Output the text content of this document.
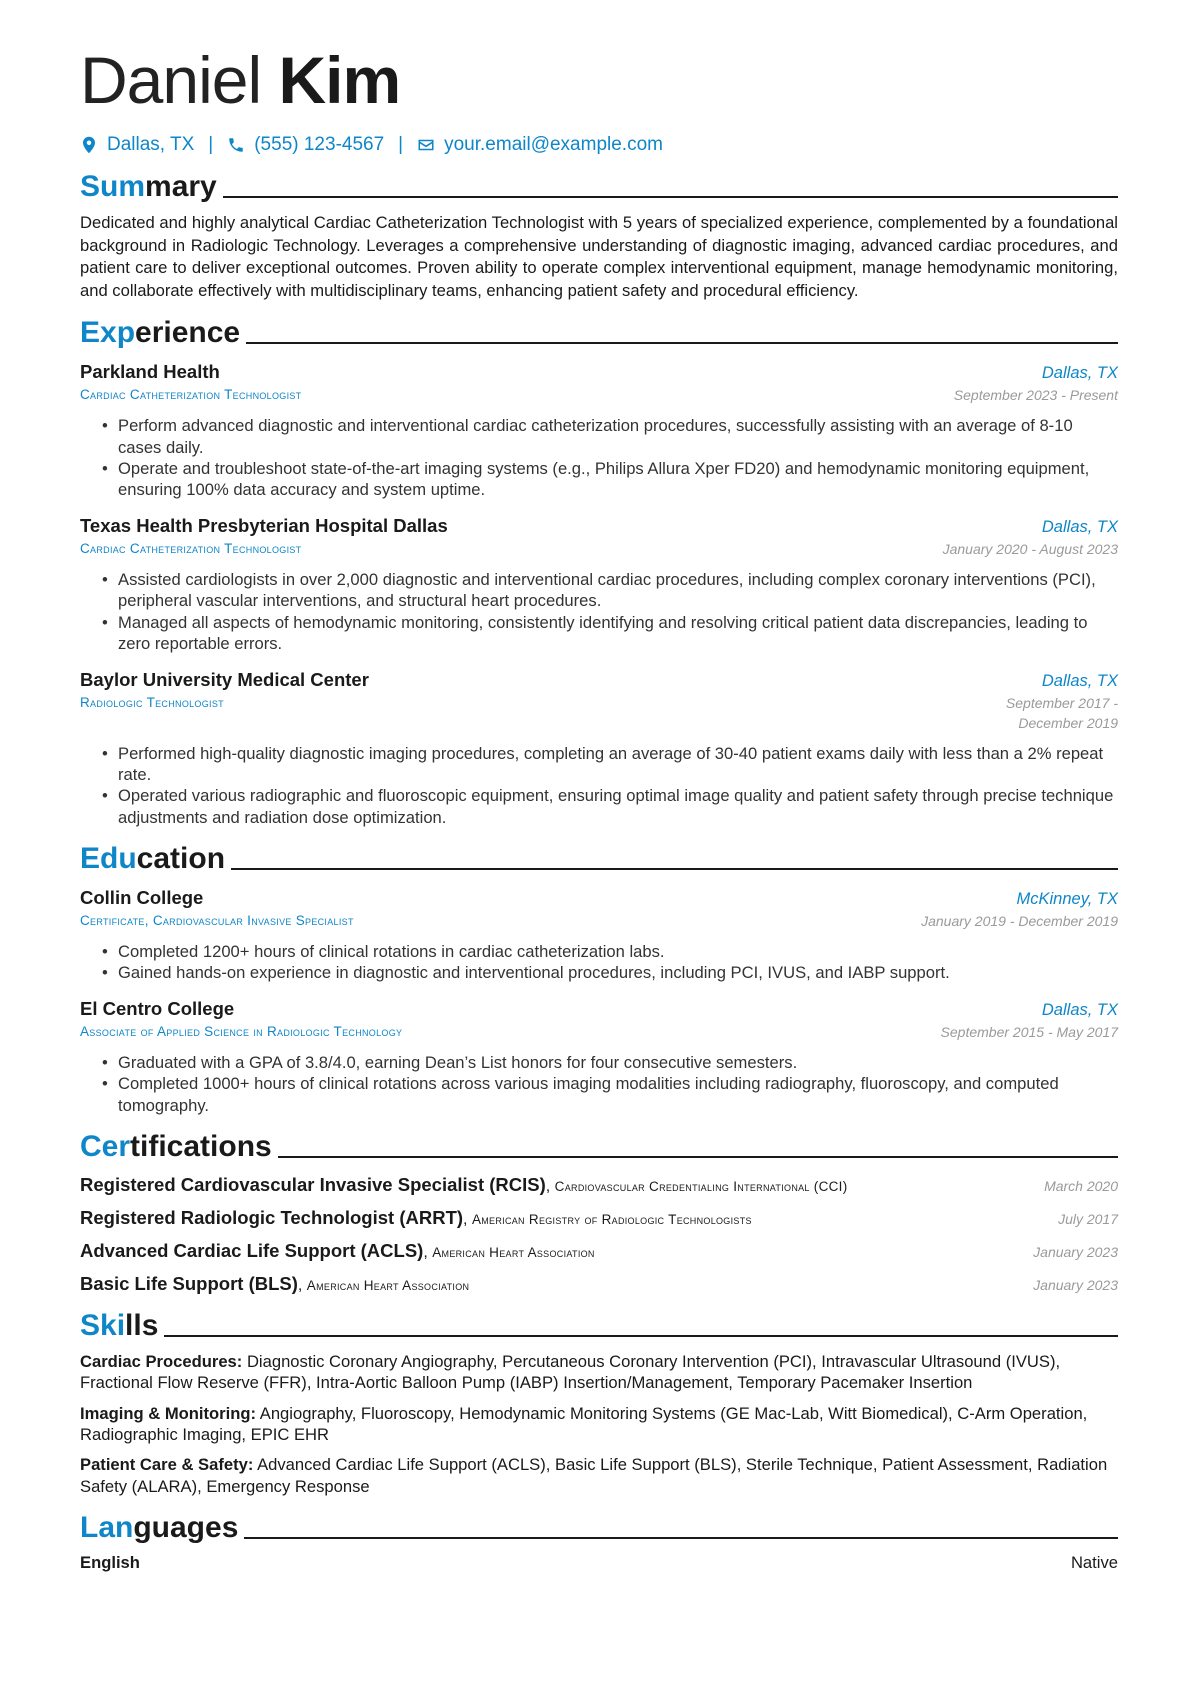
Daniel Kim
Dallas, TX | (555) 123-4567 | your.email@example.com
Summary

Dedicated and highly analytical Cardiac Catheterization Technologist with 5 years of specialized experience, complemented by a foundational background in Radiologic Technology. Leverages a comprehensive understanding of diagnostic imaging, advanced cardiac procedures, and patient care to deliver exceptional outcomes. Proven ability to operate complex interventional equipment, manage hemodynamic monitoring, and collaborate effectively with multidisciplinary teams, enhancing patient safety and procedural efficiency.

Experience
Parkland Health	Dallas, TX
Cardiac Catheterization Technologist	September 2023 - Present
• Perform advanced diagnostic and interventional cardiac catheterization procedures, successfully assisting with an average of 8-10 cases daily.
• Operate and troubleshoot state-of-the-art imaging systems (e.g., Philips Allura Xper FD20) and hemodynamic monitoring equipment, ensuring 100% data accuracy and system uptime.
Texas Health Presbyterian Hospital Dallas	Dallas, TX
Cardiac Catheterization Technologist	January 2020 - August 2023
• Assisted cardiologists in over 2,000 diagnostic and interventional cardiac procedures, including complex coronary interventions (PCI), peripheral vascular interventions, and structural heart procedures.
• Managed all aspects of hemodynamic monitoring, consistently identifying and resolving critical patient data discrepancies, leading to zero reportable errors.
Baylor University Medical Center	Dallas, TX
Radiologic Technologist	September 2017 - December 2019
• Performed high-quality diagnostic imaging procedures, completing an average of 30-40 patient exams daily with less than a 2% repeat rate.
• Operated various radiographic and fluoroscopic equipment, ensuring optimal image quality and patient safety through precise technique adjustments and radiation dose optimization.
Education
Collin College	McKinney, TX
Certificate, Cardiovascular Invasive Specialist	January 2019 - December 2019
• Completed 1200+ hours of clinical rotations in cardiac catheterization labs.
• Gained hands-on experience in diagnostic and interventional procedures, including PCI, IVUS, and IABP support.
El Centro College	Dallas, TX
Associate of Applied Science in Radiologic Technology	September 2015 - May 2017
• Graduated with a GPA of 3.8/4.0, earning Dean’s List honors for four consecutive semesters.
• Completed 1000+ hours of clinical rotations across various imaging modalities including radiography, fluoroscopy, and computed tomography.
Certifications
Registered Cardiovascular Invasive Specialist (RCIS), Cardiovascular Credentialing International (CCI)	March 2020
Registered Radiologic Technologist (ARRT), American Registry of Radiologic Technologists	July 2017
Advanced Cardiac Life Support (ACLS), American Heart Association	January 2023
Basic Life Support (BLS), American Heart Association	January 2023
Skills

Cardiac Procedures: Diagnostic Coronary Angiography, Percutaneous Coronary Intervention (PCI), Intravascular Ultrasound (IVUS), Fractional Flow Reserve (FFR), Intra-Aortic Balloon Pump (IABP) Insertion/Management, Temporary Pacemaker Insertion

Imaging & Monitoring: Angiography, Fluoroscopy, Hemodynamic Monitoring Systems (GE Mac-Lab, Witt Biomedical), C-Arm Operation, Radiographic Imaging, EPIC EHR

Patient Care & Safety: Advanced Cardiac Life Support (ACLS), Basic Life Support (BLS), Sterile Technique, Patient Assessment, Radiation Safety (ALARA), Emergency Response

Languages
English	Native
